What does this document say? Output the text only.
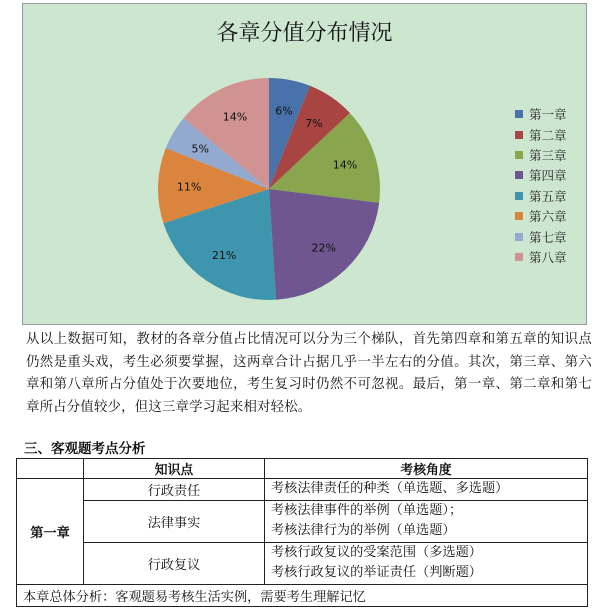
各章分值分布情况
6%
7%
14%
22%
21%
11%
5%
14%	第一章
第二章
第三章
第四章
第五章
第六章
第七章
第八章
从以上数据可知，教材的各章分值占比情况可以分为三个梯队，首先第四章和第五章的知识点仍然是重头戏，考生必须要掌握，这两章合计占据几乎一半左右的分值。其次，第三章、第六章和第八章所占分值处于次要地位，考生复习时仍然不可忽视。最后，第一章、第二章和第七章所占分值较少，但这三章学习起来相对轻松。
三、客观题考点分析
	知识点	考核角度
第一章	行政责任	考核法律责任的种类（单选题、多选题）

	法律事实	考核法律事件的举例（单选题）；
考核法律行为的举例（单选题）

	行政复议	考核行政复议的受案范围（多选题）
考核行政复议的举证责任（判断题）

本章总体分析：客观题易考核生活实例，需要考生理解记忆		
